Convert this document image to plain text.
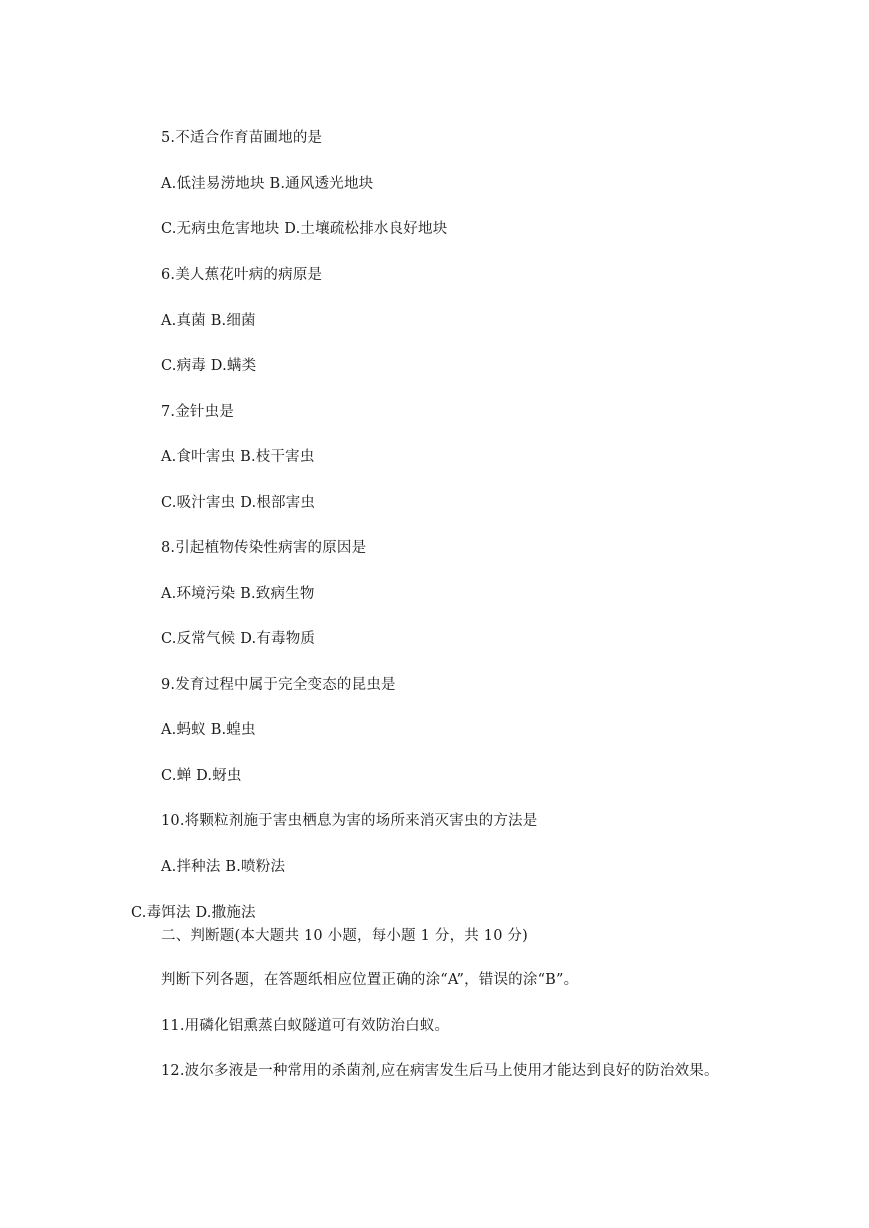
5.不适合作育苗圃地的是
A.低洼易涝地块 B.通风透光地块
C.无病虫危害地块 D.土壤疏松排水良好地块
6.美人蕉花叶病的病原是
A.真菌 B.细菌
C.病毒 D.螨类
7.金针虫是
A.食叶害虫 B.枝干害虫
C.吸汁害虫 D.根部害虫
8.引起植物传染性病害的原因是
A.环境污染 B.致病生物
C.反常气候 D.有毒物质
9.发育过程中属于完全变态的昆虫是
A.蚂蚁 B.蝗虫
C.蝉 D.蚜虫
10.将颗粒剂施于害虫栖息为害的场所来消灭害虫的方法是
A.拌种法 B.喷粉法
C.毒饵法 D.撒施法
二、判断题(本大题共 10 小题，每小题 1 分，共 10 分)
判断下列各题，在答题纸相应位置正确的涂“A”，错误的涂“B”。
11.用磷化铝熏蒸白蚁隧道可有效防治白蚁。
12.波尔多液是一种常用的杀菌剂,应在病害发生后马上使用才能达到良好的防治效果。
